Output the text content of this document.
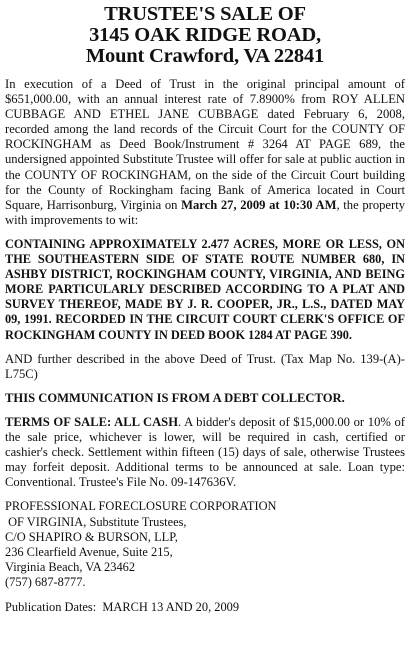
TRUSTEE'S SALE OF
3145 OAK RIDGE ROAD,
Mount Crawford, VA 22841

In execution of a Deed of Trust in the original principal amount of $651,000.00, with an annual interest rate of 7.8900% from ROY ALLEN CUBBAGE AND ETHEL JANE CUBBAGE dated February 6, 2008, recorded among the land records of the Circuit Court for the COUNTY OF ROCKINGHAM as Deed Book/Instrument # 3264 AT PAGE 689, the undersigned appointed Substitute Trustee will offer for sale at public auction in the COUNTY OF ROCKINGHAM, on the side of the Circuit Court building for the County of Rockingham facing Bank of America located in Court Square, Harrisonburg, Virginia on March 27, 2009 at 10:30 AM, the property with improvements to wit:

CONTAINING APPROXIMATELY 2.477 ACRES, MORE OR LESS, ON THE SOUTHEASTERN SIDE OF STATE ROUTE NUMBER 680, IN ASHBY DISTRICT, ROCKINGHAM COUNTY, VIRGINIA, AND BEING MORE PARTICULARLY DESCRIBED ACCORDING TO A PLAT AND SURVEY THEREOF, MADE BY J. R. COOPER, JR., L.S., DATED MAY 09, 1991. RECORDED IN THE CIRCUIT COURT CLERK'S OFFICE OF ROCKINGHAM COUNTY IN DEED BOOK 1284 AT PAGE 390.

AND further described in the above Deed of Trust. (Tax Map No. 139-(A)- L75C)

THIS COMMUNICATION IS FROM A DEBT COLLECTOR.

TERMS OF SALE: ALL CASH. A bidder's deposit of $15,000.00 or 10% of the sale price, whichever is lower, will be required in cash, certified or cashier's check. Settlement within fifteen (15) days of sale, otherwise Trustees may forfeit deposit. Additional terms to be announced at sale. Loan type: Conventional. Trustee's File No. 09-147636V.

PROFESSIONAL FORECLOSURE CORPORATION
OF VIRGINIA, Substitute Trustees,
C/O SHAPIRO & BURSON, LLP,
236 Clearfield Avenue, Suite 215,
Virginia Beach, VA 23462
(757) 687-8777.

Publication Dates:  MARCH 13 AND 20, 2009
